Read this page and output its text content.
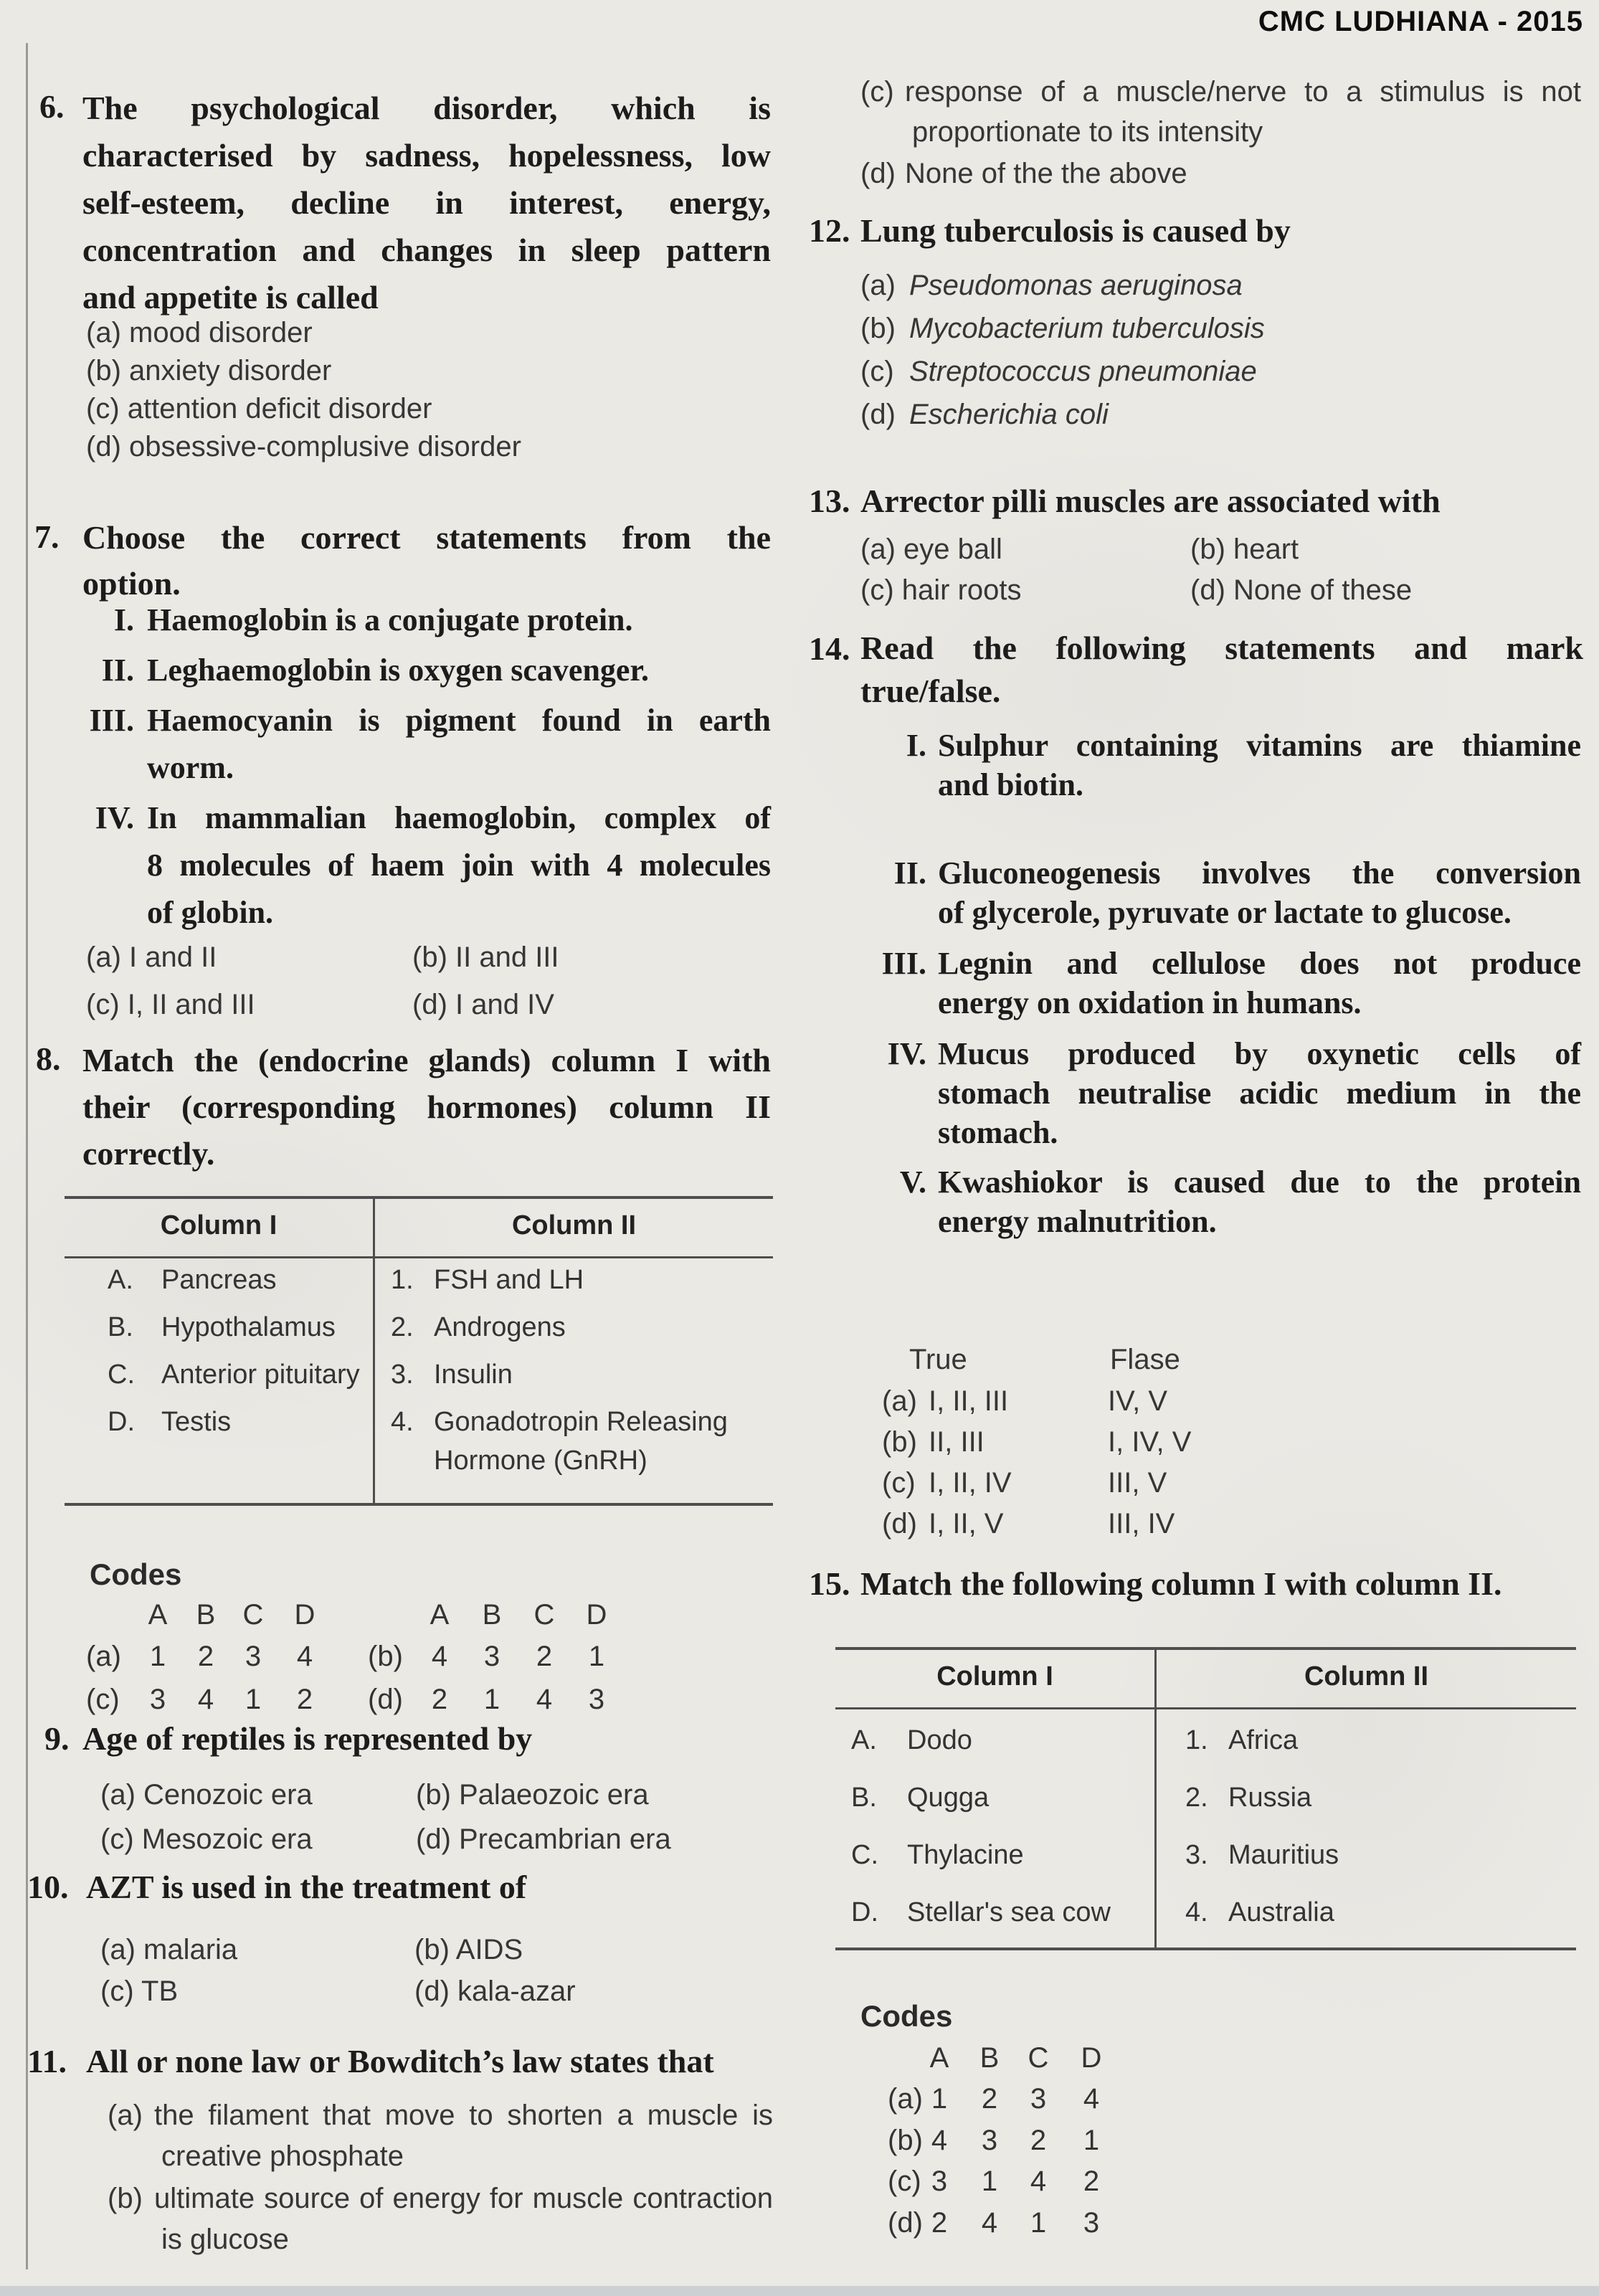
CMC LUDHIANA - 2015
6. The psychological disorder, which is
characterised by sadness, hopelessness, low
self-esteem, decline in interest, energy,
concentration and changes in sleep pattern
and appetite is called
(a) mood disorder
(b) anxiety disorder
(c) attention deficit disorder
(d) obsessive-complusive disorder
7. Choose the correct statements from the
option.
I. Haemoglobin is a conjugate protein.
II. Leghaemoglobin is oxygen scavenger.
III. Haemocyanin is pigment found in earth
worm.
IV. In mammalian haemoglobin, complex of
8 molecules of haem join with 4 molecules
of globin.
(a) I and II	(b) II and III
(c) I, II and III	(d) I and IV
8. Match the (endocrine glands) column I with
their (corresponding hormones) column II
correctly.
Column I	Column II
A. Pancreas	1. FSH and LH
B. Hypothalamus 2. Androgens
C. Anterior pituitary 3. Insulin
D. Testis	4. Gonadotropin Releasing
Hormone (GnRH)
Codes
A	B C	D	A	B	C	D
(a) 1	2	3	4	(b) 4	3	2	1
(c)	3	4	1	2	(d) 2	1	4	3
9. Age of reptiles is represented by
(a) Cenozoic era	(b) Palaeozoic era
(c) Mesozoic era	(d) Precambrian era
10. AZT is used in the treatment of
(a) malaria	(b) AIDS
(c) TB	(d) kala-azar
11. All or none law or Bowditch’s law states that
(a) the filament that move to shorten a muscle is
creative phosphate
(b) ultimate source of energy for muscle contraction
is glucose
(c) response of a muscle/nerve to a stimulus is not
proportionate to its intensity
(d) None of the the above
12. Lung tuberculosis is caused by
(a) Pseudomonas aeruginosa
(b) Mycobacterium tuberculosis
(c) Streptococcus pneumoniae
(d) Escherichia coli
13. Arrector pilli muscles are associated with
(a) eye ball	(b) heart
(c) hair roots	(d) None of these
14. Read the following statements and mark
true/false.
I. Sulphur containing vitamins are thiamine
and biotin.
II. Gluconeogenesis involves the conversion
of glycerole, pyruvate or lactate to glucose.
III. Legnin and cellulose does not produce
energy on oxidation in humans.
IV. Mucus produced by oxynetic cells of
stomach neutralise acidic medium in the
stomach.
V. Kwashiokor is caused due to the protein
energy malnutrition.
True	Flase
(a) I, II, III	IV, V
(b) II, III	I, IV, V
(c) I, II, IV	III, V
(d) I, II, V	III, IV
15. Match the following column I with column II.
Column I	Column II
A. Dodo	1. Africa
B. Qugga	2. Russia
C. Thylacine	3. Mauritius
D. Stellar's sea cow	4. Australia
Codes
A	B	C	D
(a) 1	2	3	4
(b) 4	3	2	1
(c) 3	1	4	2
(d) 2	4	1	3
